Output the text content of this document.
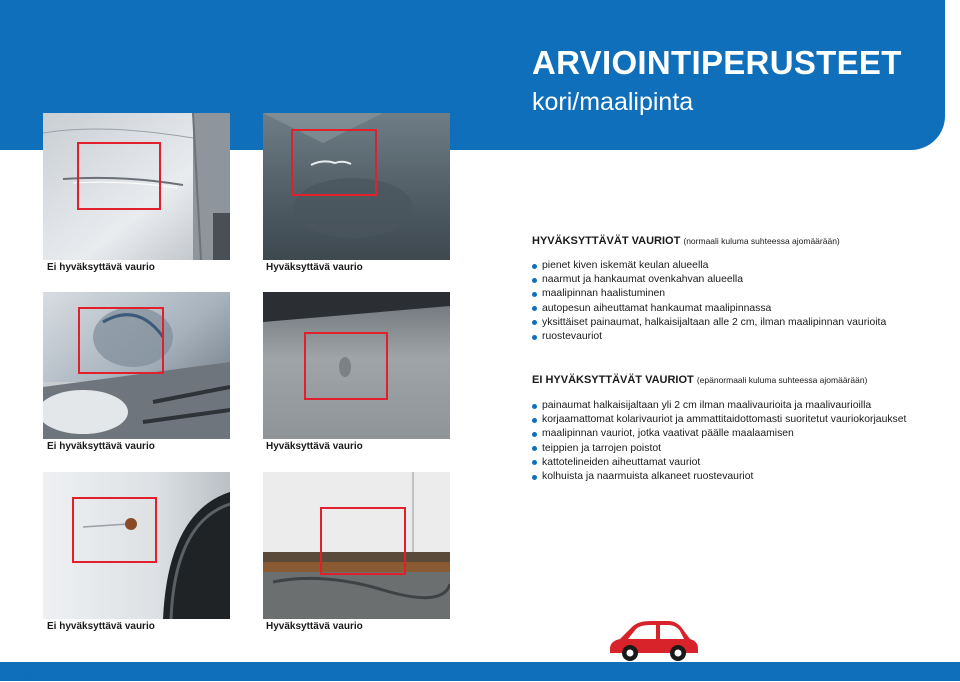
ARVIOINTIPERUSTEET
kori/maalipinta
Ei hyväksyttävä vaurio	Hyväksyttävä vaurio
Ei hyväksyttävä vaurio	Hyväksyttävä vaurio
Ei hyväksyttävä vaurio	Hyväksyttävä vaurio
HYVÄKSYTTÄVÄT VAURIOT (normaali kuluma suhteessa ajomäärään)
pienet kiven iskemät keulan alueella
naarmut ja hankaumat ovenkahvan alueella
maalipinnan haalistuminen
autopesun aiheuttamat hankaumat maalipinnassa
yksittäiset painaumat, halkaisijaltaan alle 2 cm, ilman maalipinnan vaurioita
ruostevauriot
EI HYVÄKSYTTÄVÄT VAURIOT (epänormaali kuluma suhteessa ajomäärään)
painaumat halkaisijaltaan yli 2 cm ilman maalivaurioita ja maalivaurioilla
korjaamattomat kolarivauriot ja ammattitaidottomasti suoritetut vauriokorjaukset
maalipinnan vauriot, jotka vaativat päälle maalaamisen
teippien ja tarrojen poistot
kattotelineiden aiheuttamat vauriot
kolhuista ja naarmuista alkaneet ruostevauriot
6	7
